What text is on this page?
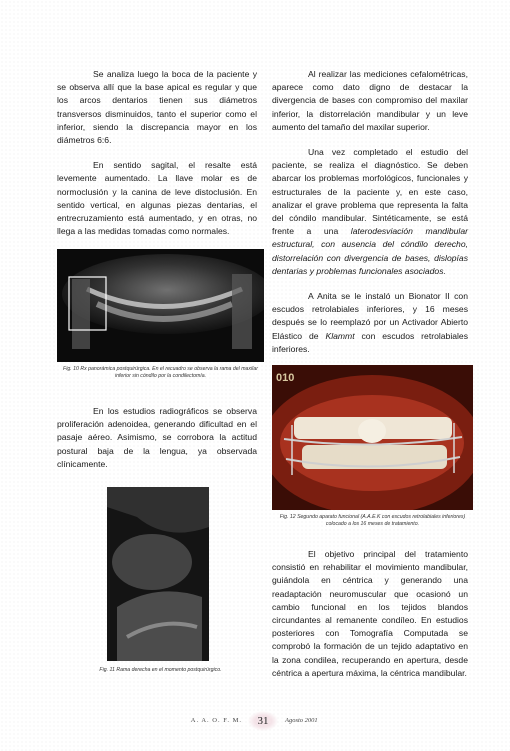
Se analiza luego la boca de la paciente y se observa allí que la base apical es regular y que los arcos dentarios tienen sus diámetros transversos disminuidos, tanto el superior como el inferior, siendo la discrepancia mayor en los diámetros 6:6.

En sentido sagital, el resalte está levemente aumentado. La llave molar es de normoclusión y la canina de leve distoclusión. En sentido vertical, en algunas piezas dentarias, el entrecruzamiento está aumentado, y en otras, no llega a las medidas tomadas como normales.

Fig. 10 Rx panorámica postquirúrgica. En el recuadro se observa la rama del maxilar inferior sin cóndilo por la condilectomía.

En los estudios radiográficos se observa proliferación adenoidea, generando dificultad en el pasaje aéreo. Asimismo, se corrobora la actitud postural baja de la lengua, ya observada clínicamente.

Fig. 11 Rama derecha en el momento postquirúrgico.

Al realizar las mediciones cefalométricas, aparece como dato digno de destacar la divergencia de bases con compromiso del maxilar inferior, la distorrelación mandibular y un leve aumento del tamaño del maxilar superior.

Una vez completado el estudio del paciente, se realiza el diagnóstico. Se deben abarcar los problemas morfológicos, funcionales y estructurales de la paciente y, en este caso, analizar el grave problema que representa la falta del cóndilo mandibular. Sintéticamente, se está frente a una laterodesviación mandibular estructural, con ausencia del cóndilo derecho, distorrelación con divergencia de bases, dislopías dentarias y problemas funcionales asociados.

A Anita se le instaló un Bionator II con escudos retrolabiales inferiores, y 16 meses después se lo reemplazó por un Activador Abierto Elástico de Klammt con escudos retrolabiales inferiores.

010
Fig. 12 Segundo aparato funcional (A.A.E.K con escudos retrolabiales inferiores) colocado a los 16 meses de tratamiento.

El objetivo principal del tratamiento consistió en rehabilitar el movimiento mandibular, guiándola en céntrica y generando una readaptación neuromuscular que ocasionó un cambio funcional en los tejidos blandos circundantes al remanente condíleo. En estudios posteriores con Tomografía Computada se comprobó la formación de un tejido adaptativo en la zona condilea, recuperando en apertura, desde céntrica a apertura máxima, la céntrica mandibular.

A. A. O. F. M.	31	Agosto 2001
